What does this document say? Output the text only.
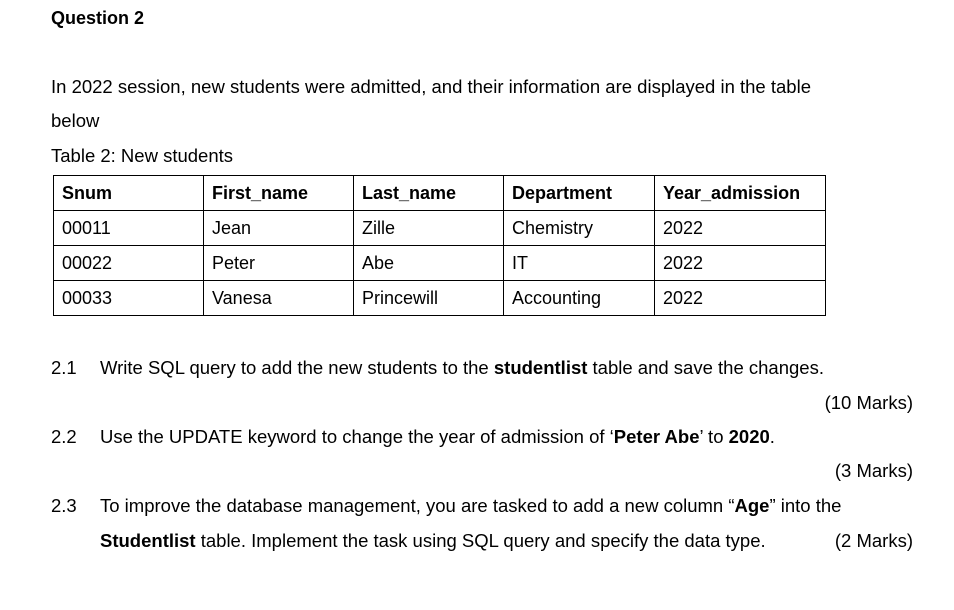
Question 2
In 2022 session, new students were admitted, and their information are displayed in the table
below
Table 2: New students
Snum	First_name	Last_name	Department	Year_admission
00011	Jean	Zille	Chemistry	2022
00022	Peter	Abe	IT	2022
00033	Vanesa	Princewill	Accounting	2022
2.1 Write SQL query to add the new students to the studentlist table and save the changes.
(10 Marks)
2.2 Use the UPDATE keyword to change the year of admission of ‘Peter Abe’ to 2020.
(3 Marks)
2.3 To improve the database management, you are tasked to add a new column “Age” into the
Studentlist table. Implement the task using SQL query and specify the data type.	(2 Marks)
